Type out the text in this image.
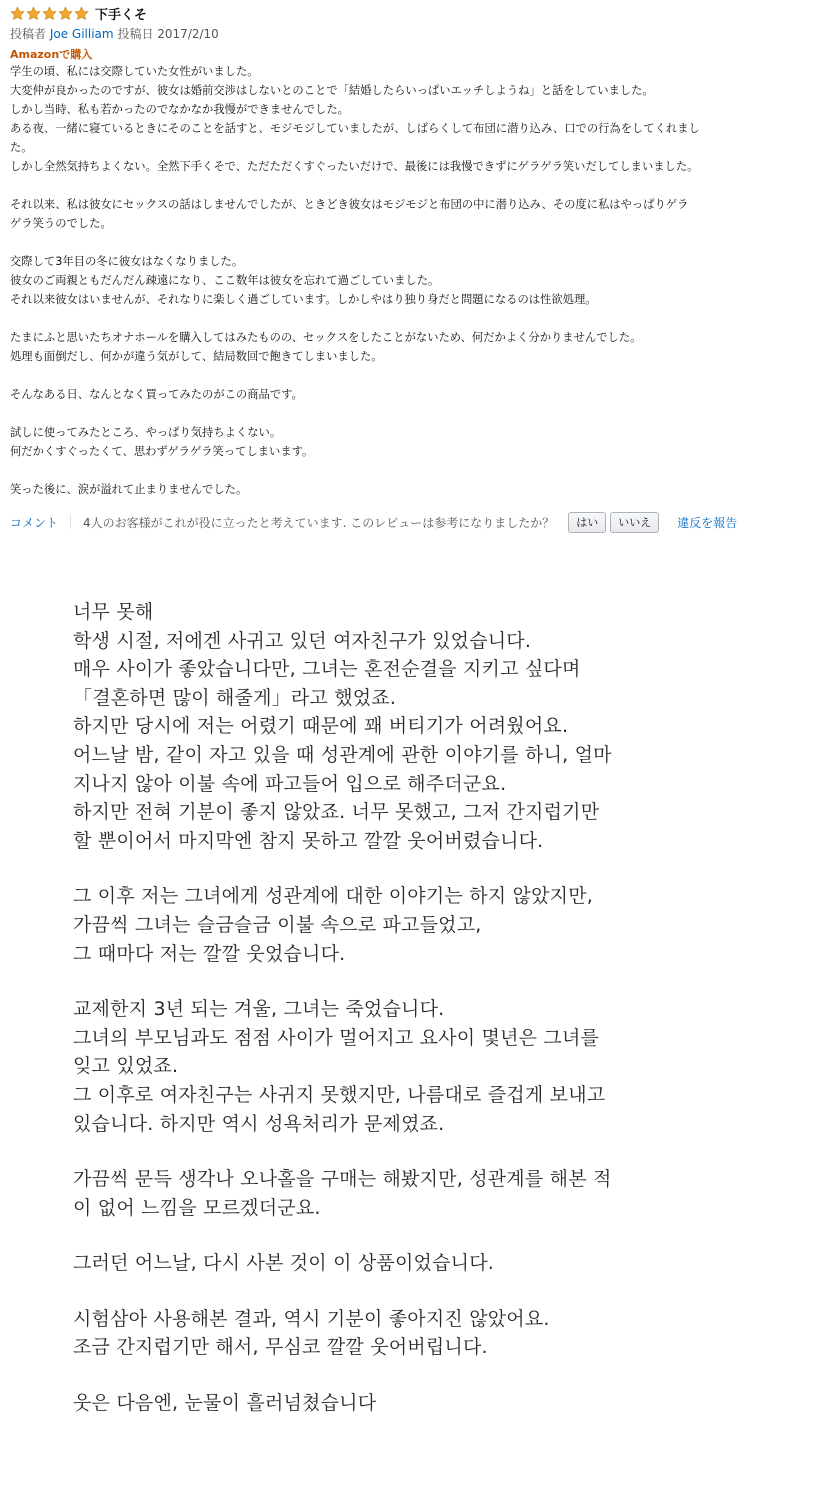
下手くそ
投稿者 Joe Gilliam 投稿日 2017/2/10
Amazonで購入
学生の頃、私には交際していた女性がいました。
大変仲が良かったのですが、彼女は婚前交渉はしないとのことで「結婚したらいっぱいエッチしようね」と話をしていました。
しかし当時、私も若かったのでなかなか我慢ができませんでした。
ある夜、一緒に寝ているときにそのことを話すと、モジモジしていましたが、しばらくして布団に潜り込み、口での行為をしてくれまし
た。
しかし全然気持ちよくない。全然下手くそで、ただただくすぐったいだけで、最後には我慢できずにゲラゲラ笑いだしてしまいました。
それ以来、私は彼女にセックスの話はしませんでしたが、ときどき彼女はモジモジと布団の中に潜り込み、その度に私はやっぱりゲラ
ゲラ笑うのでした。
交際して3年目の冬に彼女はなくなりました。
彼女のご両親ともだんだん疎遠になり、ここ数年は彼女を忘れて過ごしていました。
それ以来彼女はいませんが、それなりに楽しく過ごしています。しかしやはり独り身だと問題になるのは性欲処理。
たまにふと思いたちオナホールを購入してはみたものの、セックスをしたことがないため、何だかよく分かりませんでした。
処理も面倒だし、何かが違う気がして、結局数回で飽きてしまいました。
そんなある日、なんとなく買ってみたのがこの商品です。
試しに使ってみたところ、やっぱり気持ちよくない。
何だかくすぐったくて、思わずゲラゲラ笑ってしまいます。
笑った後に、涙が溢れて止まりませんでした。
コメント 4人のお客様がこれが役に立ったと考えています. このレビューは参考になりましたか？	はい	いいえ	違反を報告
너무 못해
학생 시절, 저에겐 사귀고 있던 여자친구가 있었습니다.
매우 사이가 좋았습니다만, 그녀는 혼전순결을 지키고 싶다며
「결혼하면 많이 해줄게」라고 했었죠.
하지만 당시에 저는 어렸기 때문에 꽤 버티기가 어려웠어요.
어느날 밤, 같이 자고 있을 때 성관계에 관한 이야기를 하니, 얼마
지나지 않아 이불 속에 파고들어 입으로 해주더군요.
하지만 전혀 기분이 좋지 않았죠. 너무 못했고, 그저 간지럽기만
할 뿐이어서 마지막엔 참지 못하고 깔깔 웃어버렸습니다.
그 이후 저는 그녀에게 성관계에 대한 이야기는 하지 않았지만,
가끔씩 그녀는 슬금슬금 이불 속으로 파고들었고,
그 때마다 저는 깔깔 웃었습니다.
교제한지 3년 되는 겨울, 그녀는 죽었습니다.
그녀의 부모님과도 점점 사이가 멀어지고 요사이 몇년은 그녀를
잊고 있었죠.
그 이후로 여자친구는 사귀지 못했지만, 나름대로 즐겁게 보내고
있습니다. 하지만 역시 성욕처리가 문제였죠.
가끔씩 문득 생각나 오나홀을 구매는 해봤지만, 성관계를 해본 적
이 없어 느낌을 모르겠더군요.
그러던 어느날, 다시 사본 것이 이 상품이었습니다.
시험삼아 사용해본 결과, 역시 기분이 좋아지진 않았어요.
조금 간지럽기만 해서, 무심코 깔깔 웃어버립니다.
웃은 다음엔, 눈물이 흘러넘쳤습니다
